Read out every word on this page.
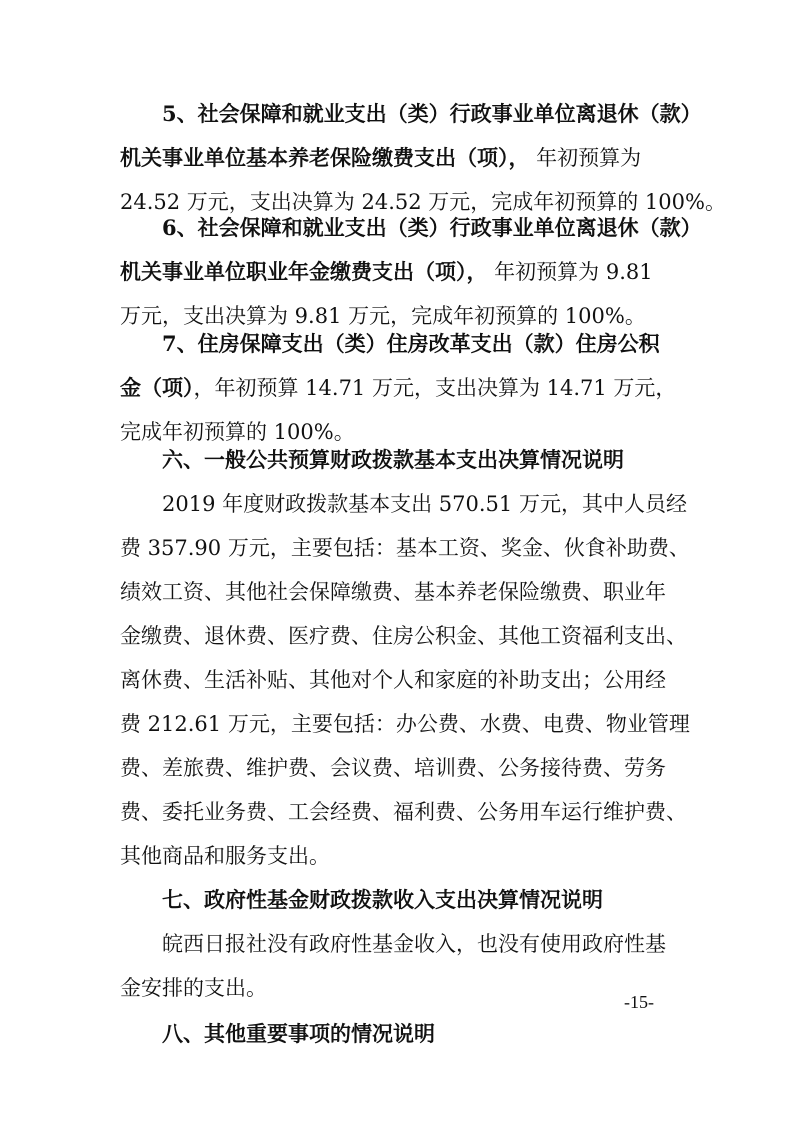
5、社会保障和就业支出（类）行政事业单位离退休（款）
机关事业单位基本养老保险缴费支出（项）， 年初预算为
24.52 万元，支出决算为 24.52 万元，完成年初预算的 100%。
6、社会保障和就业支出（类）行政事业单位离退休（款）
机关事业单位职业年金缴费支出（项）， 年初预算为 9.81
万元，支出决算为 9.81 万元，完成年初预算的 100%。
7、住房保障支出（类）住房改革支出（款）住房公积
金（项），年初预算 14.71 万元，支出决算为 14.71 万元，
完成年初预算的 100%。
六、一般公共预算财政拨款基本支出决算情况说明
2019 年度财政拨款基本支出 570.51 万元，其中人员经
费 357.90 万元，主要包括：基本工资、奖金、伙食补助费、
绩效工资、其他社会保障缴费、基本养老保险缴费、职业年
金缴费、退休费、医疗费、住房公积金、其他工资福利支出、
离休费、生活补贴、其他对个人和家庭的补助支出；公用经
费 212.61 万元，主要包括：办公费、水费、电费、物业管理
费、差旅费、维护费、会议费、培训费、公务接待费、劳务
费、委托业务费、工会经费、福利费、公务用车运行维护费、
其他商品和服务支出。
七、政府性基金财政拨款收入支出决算情况说明
皖西日报社没有政府性基金收入，也没有使用政府性基
金安排的支出。
八、其他重要事项的情况说明
-15-
